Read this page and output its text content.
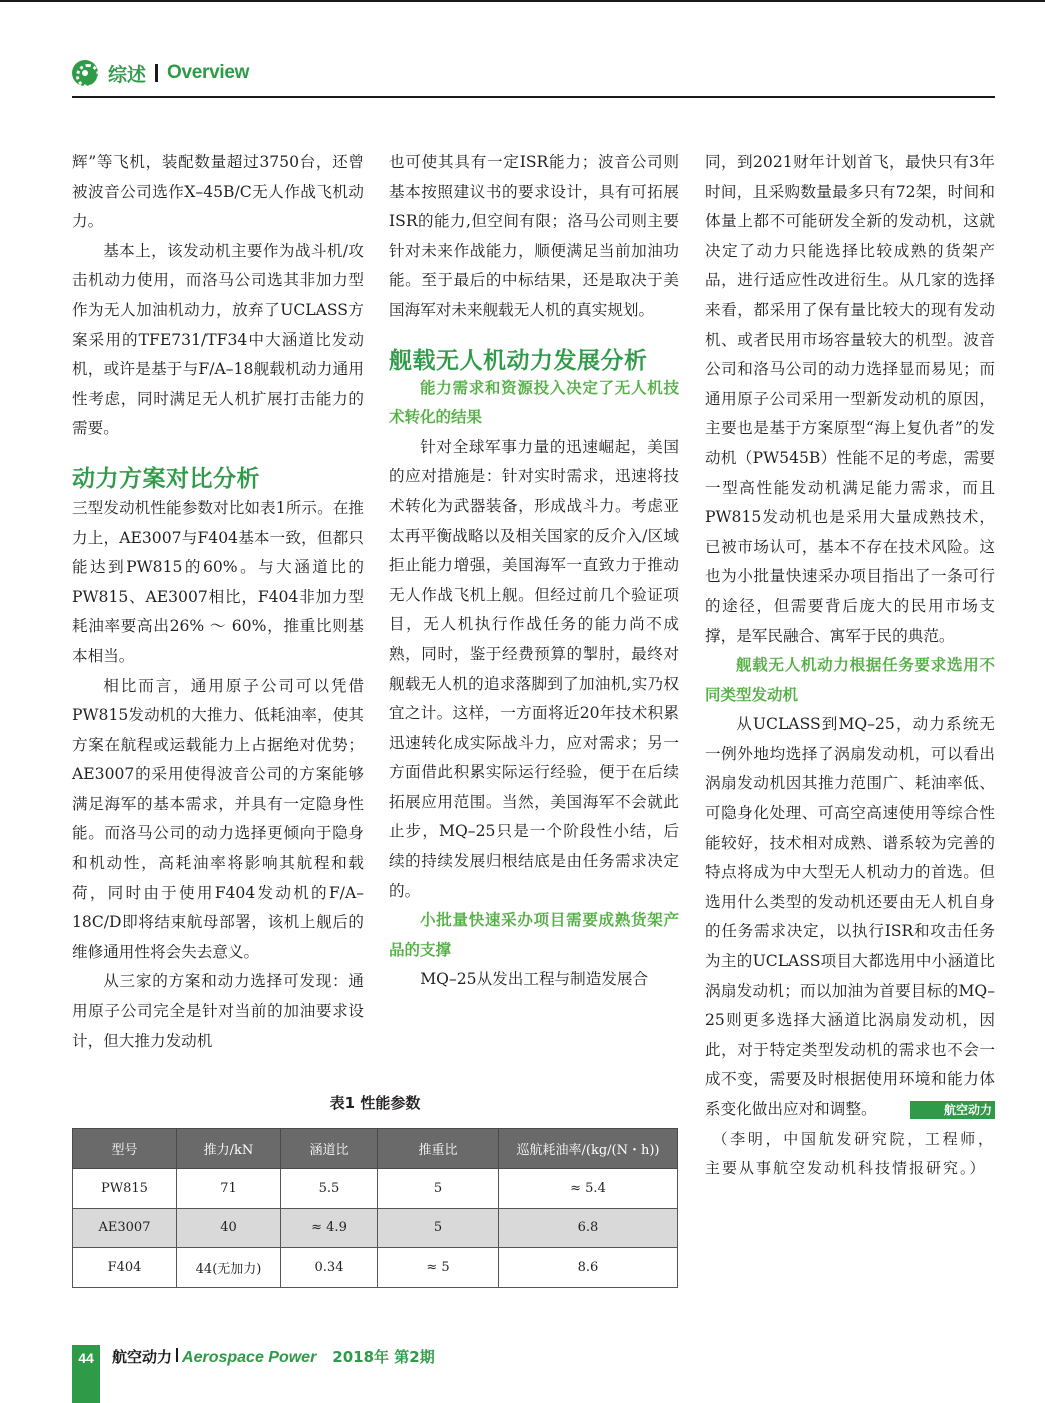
综述 Overview

辉”等飞机，装配数量超过3750台，还曾被波音公司选作X–45B/C无人作战飞机动力。

基本上，该发动机主要作为战斗机/攻击机动力使用，而洛马公司选其非加力型作为无人加油机动力，放弃了UCLASS方案采用的TFE731/TF34中大涵道比发动机，或许是基于与F/A–18舰载机动力通用性考虑，同时满足无人机扩展打击能力的需要。

动力方案对比分析

三型发动机性能参数对比如表1所示。在推力上，AE3007与F404基本一致，但都只能达到PW815的60%。与大涵道比的PW815、AE3007相比，F404非加力型耗油率要高出26% ～ 60%，推重比则基本相当。

相比而言，通用原子公司可以凭借PW815发动机的大推力、低耗油率，使其方案在航程或运载能力上占据绝对优势；AE3007的采用使得波音公司的方案能够满足海军的基本需求，并具有一定隐身性能。而洛马公司的动力选择更倾向于隐身和机动性，高耗油率将影响其航程和载荷，同时由于使用F404发动机的F/A–18C/D即将结束航母部署，该机上舰后的维修通用性将会失去意义。

从三家的方案和动力选择可发现：通用原子公司完全是针对当前的加油要求设计，但大推力发动机

也可使其具有一定ISR能力；波音公司则基本按照建议书的要求设计，具有可拓展ISR的能力,但空间有限；洛马公司则主要针对未来作战能力，顺便满足当前加油功能。至于最后的中标结果，还是取决于美国海军对未来舰载无人机的真实规划。

舰载无人机动力发展分析
能力需求和资源投入决定了无人机技术转化的结果

针对全球军事力量的迅速崛起，美国的应对措施是：针对实时需求，迅速将技术转化为武器装备，形成战斗力。考虑亚太再平衡战略以及相关国家的反介入/区域拒止能力增强，美国海军一直致力于推动无人作战飞机上舰。但经过前几个验证项目，无人机执行作战任务的能力尚不成熟，同时，鉴于经费预算的掣肘，最终对舰载无人机的追求落脚到了加油机,实乃权宜之计。这样，一方面将近20年技术积累迅速转化成实际战斗力，应对需求；另一方面借此积累实际运行经验，便于在后续拓展应用范围。当然，美国海军不会就此止步，MQ–25只是一个阶段性小结，后续的持续发展归根结底是由任务需求决定的。

小批量快速采办项目需要成熟货架产品的支撑

MQ–25从发出工程与制造发展合

同，到2021财年计划首飞，最快只有3年时间，且采购数量最多只有72架，时间和体量上都不可能研发全新的发动机，这就决定了动力只能选择比较成熟的货架产品，进行适应性改进衍生。从几家的选择来看，都采用了保有量比较大的现有发动机、或者民用市场容量较大的机型。波音公司和洛马公司的动力选择显而易见；而通用原子公司采用一型新发动机的原因，主要也是基于方案原型“海上复仇者”的发动机（PW545B）性能不足的考虑，需要一型高性能发动机满足能力需求，而且PW815发动机也是采用大量成熟技术，已被市场认可，基本不存在技术风险。这也为小批量快速采办项目指出了一条可行的途径，但需要背后庞大的民用市场支撑，是军民融合、寓军于民的典范。

舰载无人机动力根据任务要求选用不同类型发动机

从UCLASS到MQ–25，动力系统无一例外地均选择了涡扇发动机，可以看出涡扇发动机因其推力范围广、耗油率低、可隐身化处理、可高空高速使用等综合性能较好，技术相对成熟、谱系较为完善的特点将成为中大型无人机动力的首选。但选用什么类型的发动机还要由无人机自身的任务需求决定，以执行ISR和攻击任务为主的UCLASS项目大都选用中小涵道比涡扇发动机；而以加油为首要目标的MQ–25则更多选择大涵道比涡扇发动机，因此，对于特定类型发动机的需求也不会一成不变，需要及时根据使用环境和能力体系变化做出应对和调整。	航空动力

（李明，中国航发研究院，工程师，主要从事航空发动机科技情报研究。）

表1 性能参数
型号	推力/kN	涵道比	推重比	巡航耗油率/(kg/(N・h))
PW815	71	5.5	5	≈ 5.4
AE3007	40	≈ 4.9	5	6.8
F404	44(无加力)	0.34	≈ 5	8.6
44	航空动力 Aerospace Power 2018年 第2期
